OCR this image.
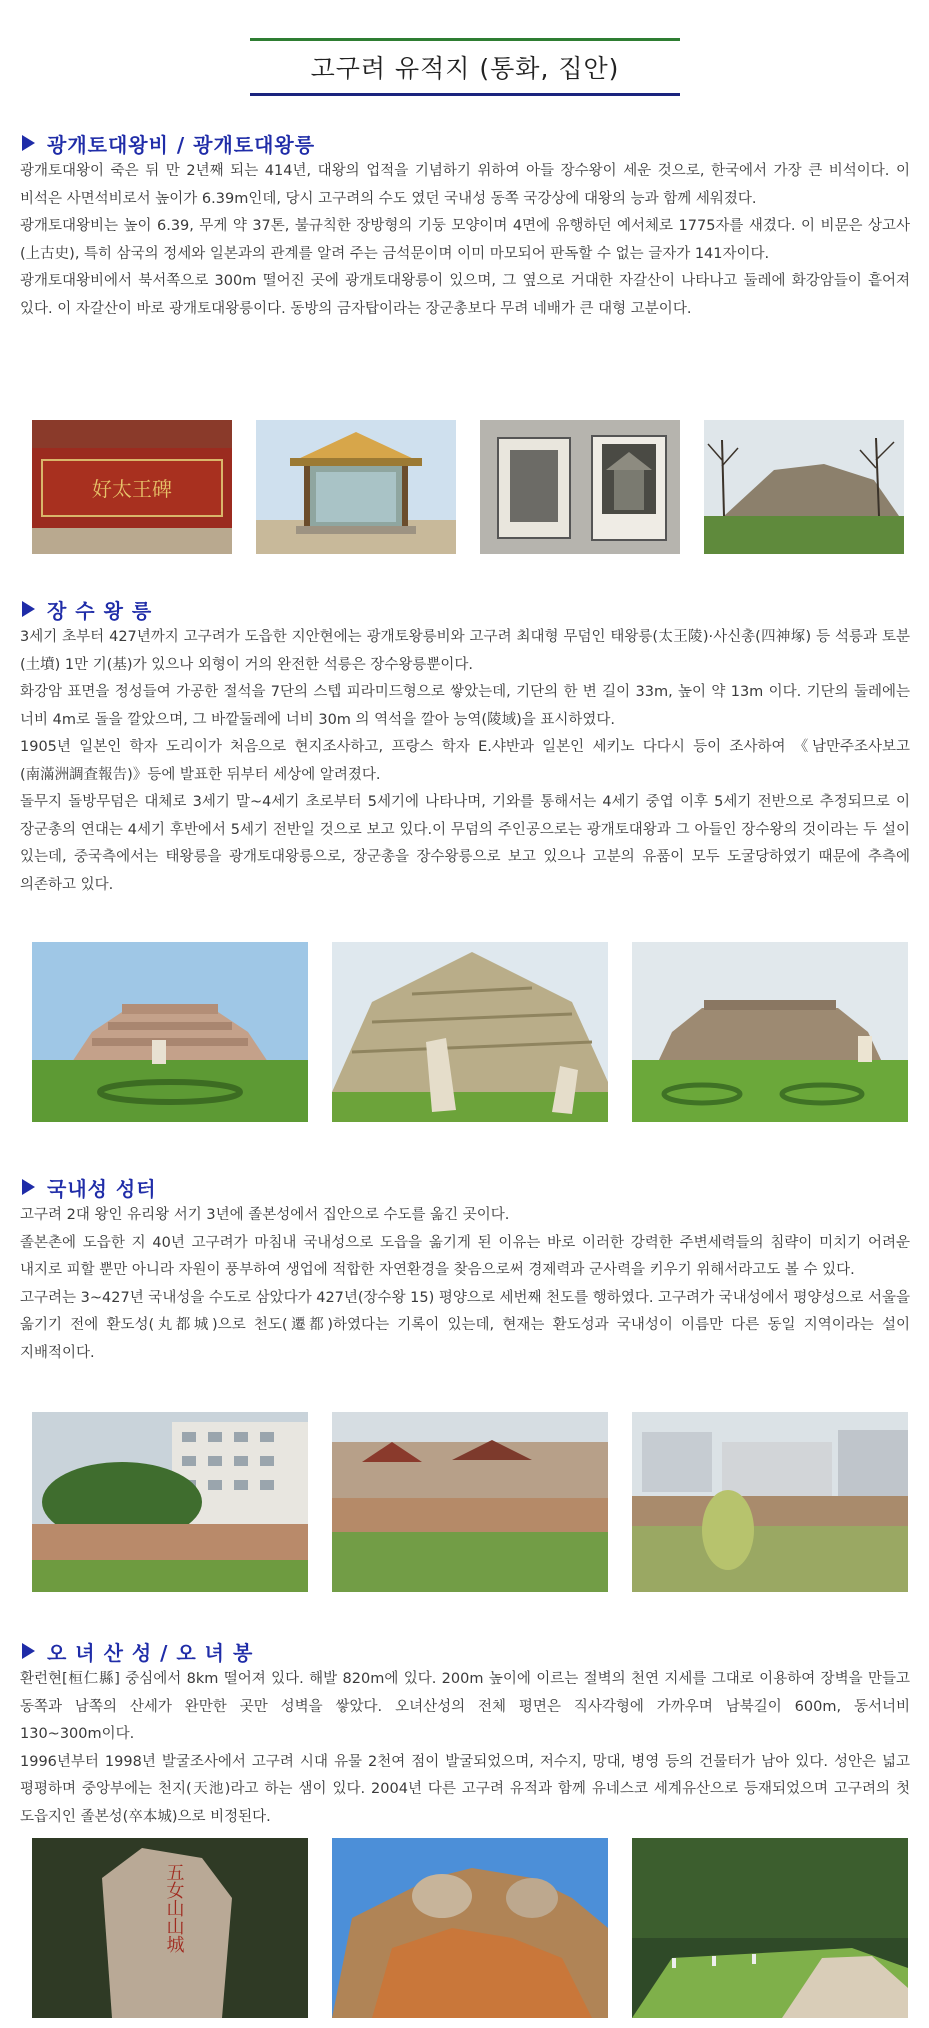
고구려 유적지 (통화, 집안)
광개토대왕비 / 광개토대왕릉

광개토대왕이 죽은 뒤 만 2년째 되는 414년, 대왕의 업적을 기념하기 위하여 아들 장수왕이 세운 것으로, 한국에서 가장 큰 비석이다. 이 비석은 사면석비로서 높이가 6.39m인데, 당시 고구려의 수도 였던 국내성 동쪽 국강상에 대왕의 능과 함께 세워졌다.

광개토대왕비는 높이 6.39, 무게 약 37톤, 불규칙한 장방형의 기둥 모양이며 4면에 유행하던 예서체로 1775자를 새겼다. 이 비문은 상고사(上古史), 특히 삼국의 정세와 일본과의 관계를 알려 주는 금석문이며 이미 마모되어 판독할 수 없는 글자가 141자이다.

광개토대왕비에서 북서쪽으로 300m 떨어진 곳에 광개토대왕릉이 있으며, 그 옆으로 거대한 자갈산이 나타나고 둘레에 화강암들이 흩어져 있다. 이 자갈산이 바로 광개토대왕릉이다. 동방의 금자탑이라는 장군총보다 무려 네배가 큰 대형 고분이다.

好太王碑
장 수 왕 릉

3세기 초부터 427년까지 고구려가 도읍한 지안현에는 광개토왕릉비와 고구려 최대형 무덤인 태왕릉(太王陵)·사신총(四神塚) 등 석릉과 토분(土墳) 1만 기(基)가 있으나 외형이 거의 완전한 석릉은 장수왕릉뿐이다.

화강암 표면을 정성들여 가공한 절석을 7단의 스텝 피라미드형으로 쌓았는데, 기단의 한 변 길이 33m, 높이 약 13m 이다. 기단의 둘레에는 너비 4m로 돌을 깔았으며, 그 바깥둘레에 너비 30m 의 역석을 깔아 능역(陵域)을 표시하였다.

1905년 일본인 학자 도리이가 처음으로 현지조사하고, 프랑스 학자 E.샤반과 일본인 세키노 다다시 등이 조사하여 《남만주조사보고(南滿洲調査報告)》등에 발표한 뒤부터 세상에 알려졌다.

돌무지 돌방무덤은 대체로 3세기 말~4세기 초로부터 5세기에 나타나며, 기와를 통해서는 4세기 중엽 이후 5세기 전반으로 추정되므로 이 장군총의 연대는 4세기 후반에서 5세기 전반일 것으로 보고 있다.이 무덤의 주인공으로는 광개토대왕과 그 아들인 장수왕의 것이라는 두 설이 있는데, 중국측에서는 태왕릉을 광개토대왕릉으로, 장군총을 장수왕릉으로 보고 있으나 고분의 유품이 모두 도굴당하였기 때문에 추측에 의존하고 있다.

국내성 성터

고구려 2대 왕인 유리왕 서기 3년에 졸본성에서 집안으로 수도를 옮긴 곳이다.

졸본촌에 도읍한 지 40년 고구려가 마침내 국내성으로 도읍을 옮기게 된 이유는 바로 이러한 강력한 주변세력들의 침략이 미치기 어려운 내지로 피할 뿐만 아니라 자원이 풍부하여 생업에 적합한 자연환경을 찾음으로써 경제력과 군사력을 키우기 위해서라고도 볼 수 있다.

고구려는 3~427년 국내성을 수도로 삼았다가 427년(장수왕 15) 평양으로 세번째 천도를 행하였다. 고구려가 국내성에서 평양성으로 서울을 옮기기 전에 환도성(丸都城)으로 천도(遷都)하였다는 기록이 있는데, 현재는 환도성과 국내성이 이름만 다른 동일 지역이라는 설이 지배적이다.

오 녀 산 성 / 오 녀 봉

환런현[桓仁縣] 중심에서 8km 떨어져 있다. 해발 820m에 있다. 200m 높이에 이르는 절벽의 천연 지세를 그대로 이용하여 장벽을 만들고 동쪽과 남쪽의 산세가 완만한 곳만 성벽을 쌓았다. 오녀산성의 전체 평면은 직사각형에 가까우며 남북길이 600m, 동서너비 130~300m이다.

1996년부터 1998년 발굴조사에서 고구려 시대 유물 2천여 점이 발굴되었으며, 저수지, 망대, 병영 등의 건물터가 남아 있다. 성안은 넓고 평평하며 중앙부에는 천지(天池)라고 하는 샘이 있다. 2004년 다른 고구려 유적과 함께 유네스코 세계유산으로 등재되었으며 고구려의 첫 도읍지인 졸본성(卒本城)으로 비정된다.

五女山山城
